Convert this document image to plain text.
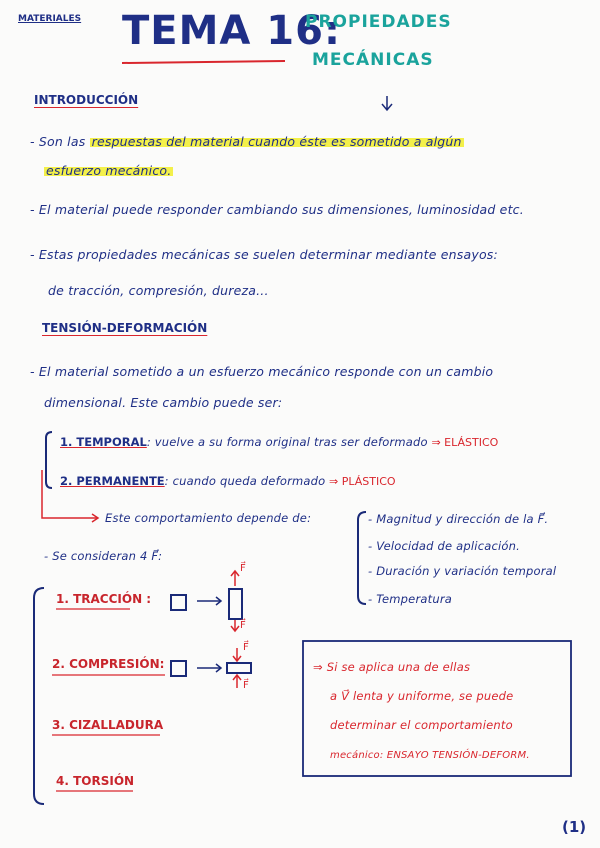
MATERIALES TEMA 16:
PROPIEDADES
MECÁNICAS
INTRODUCCIÓN
- Son las respuestas del material cuando éste es sometido a algún
esfuerzo mecánico.
- El material puede responder cambiando sus dimensiones, luminosidad etc.
- Estas propiedades mecánicas se suelen determinar mediante ensayos:
de tracción, compresión, dureza...
TENSIÓN-DEFORMACIÓN
- El material sometido a un esfuerzo mecánico responde con un cambio
dimensional. Este cambio puede ser:
1. TEMPORAL: vuelve a su forma original tras ser deformado ⇒ ELÁSTICO
2. PERMANENTE: cuando queda deformado ⇒ PLÁSTICO
Este comportamiento depende de:	- Magnitud y dirección de la F⃗.
- Velocidad de aplicación.
- Duración y variación temporal
- Temperatura
- Se consideran 4 F⃗:
1. TRACCIÓN :
2. COMPRESIÓN:
3. CIZALLADURA
4. TORSIÓN
F⃗
F⃗
F⃗
F⃗
⇒ Si se aplica una de ellas
a V⃗ lenta y uniforme, se puede
determinar el comportamiento
mecánico: ENSAYO TENSIÓN-DEFORM.
(1)
